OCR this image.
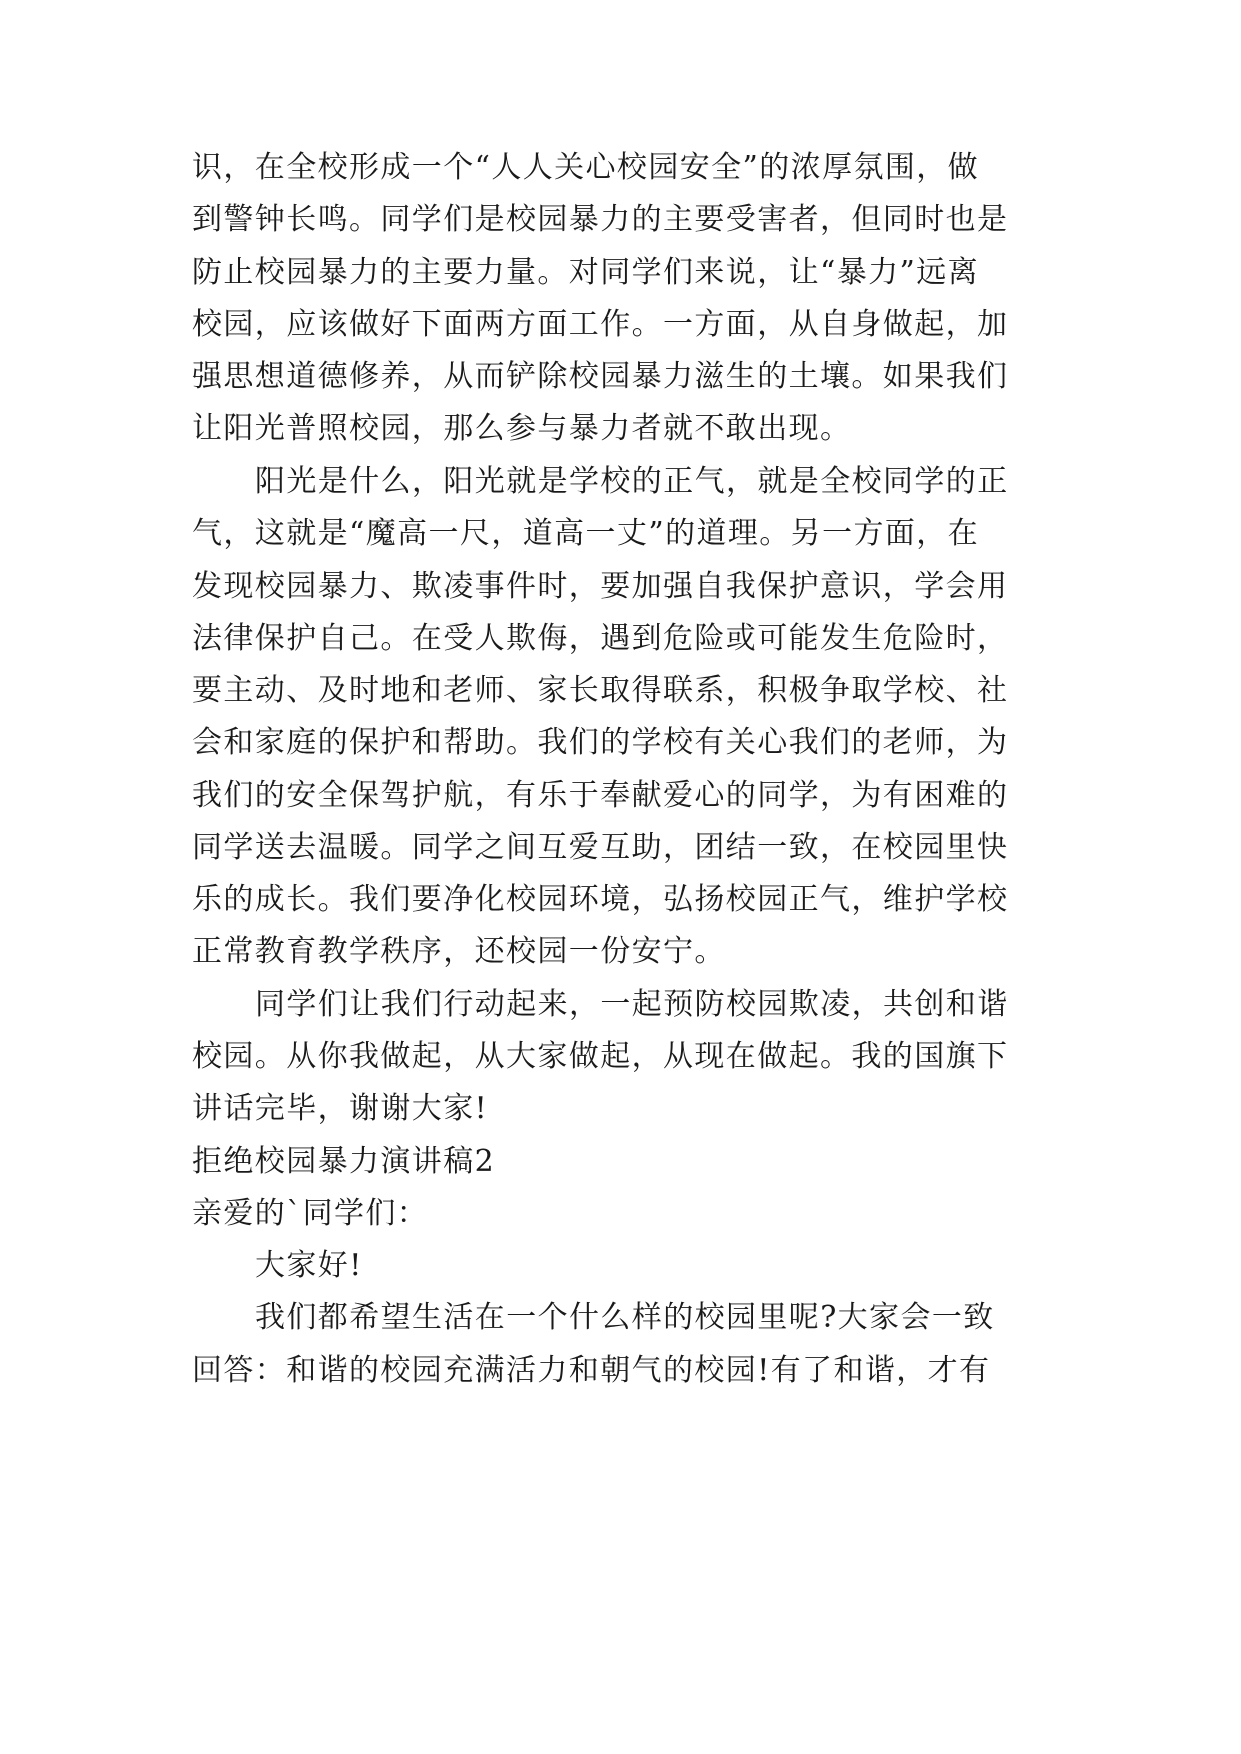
识，在全校形成一个“人人关心校园安全”的浓厚氛围，做
到警钟长鸣。同学们是校园暴力的主要受害者，但同时也是
防止校园暴力的主要力量。对同学们来说，让“暴力”远离
校园，应该做好下面两方面工作。一方面，从自身做起，加
强思想道德修养，从而铲除校园暴力滋生的土壤。如果我们
让阳光普照校园，那么参与暴力者就不敢出现。
阳光是什么，阳光就是学校的正气，就是全校同学的正
气，这就是“魔高一尺，道高一丈”的道理。另一方面，在
发现校园暴力、欺凌事件时，要加强自我保护意识，学会用
法律保护自己。在受人欺侮，遇到危险或可能发生危险时，
要主动、及时地和老师、家长取得联系，积极争取学校、社
会和家庭的保护和帮助。我们的学校有关心我们的老师，为
我们的安全保驾护航，有乐于奉献爱心的同学，为有困难的
同学送去温暖。同学之间互爱互助，团结一致，在校园里快
乐的成长。我们要净化校园环境，弘扬校园正气，维护学校
正常教育教学秩序，还校园一份安宁。
同学们让我们行动起来，一起预防校园欺凌，共创和谐
校园。从你我做起，从大家做起，从现在做起。我的国旗下
讲话完毕，谢谢大家!
拒绝校园暴力演讲稿2
亲爱的`同学们：
大家好!
我们都希望生活在一个什么样的校园里呢?大家会一致
回答：和谐的校园充满活力和朝气的校园!有了和谐，才有
